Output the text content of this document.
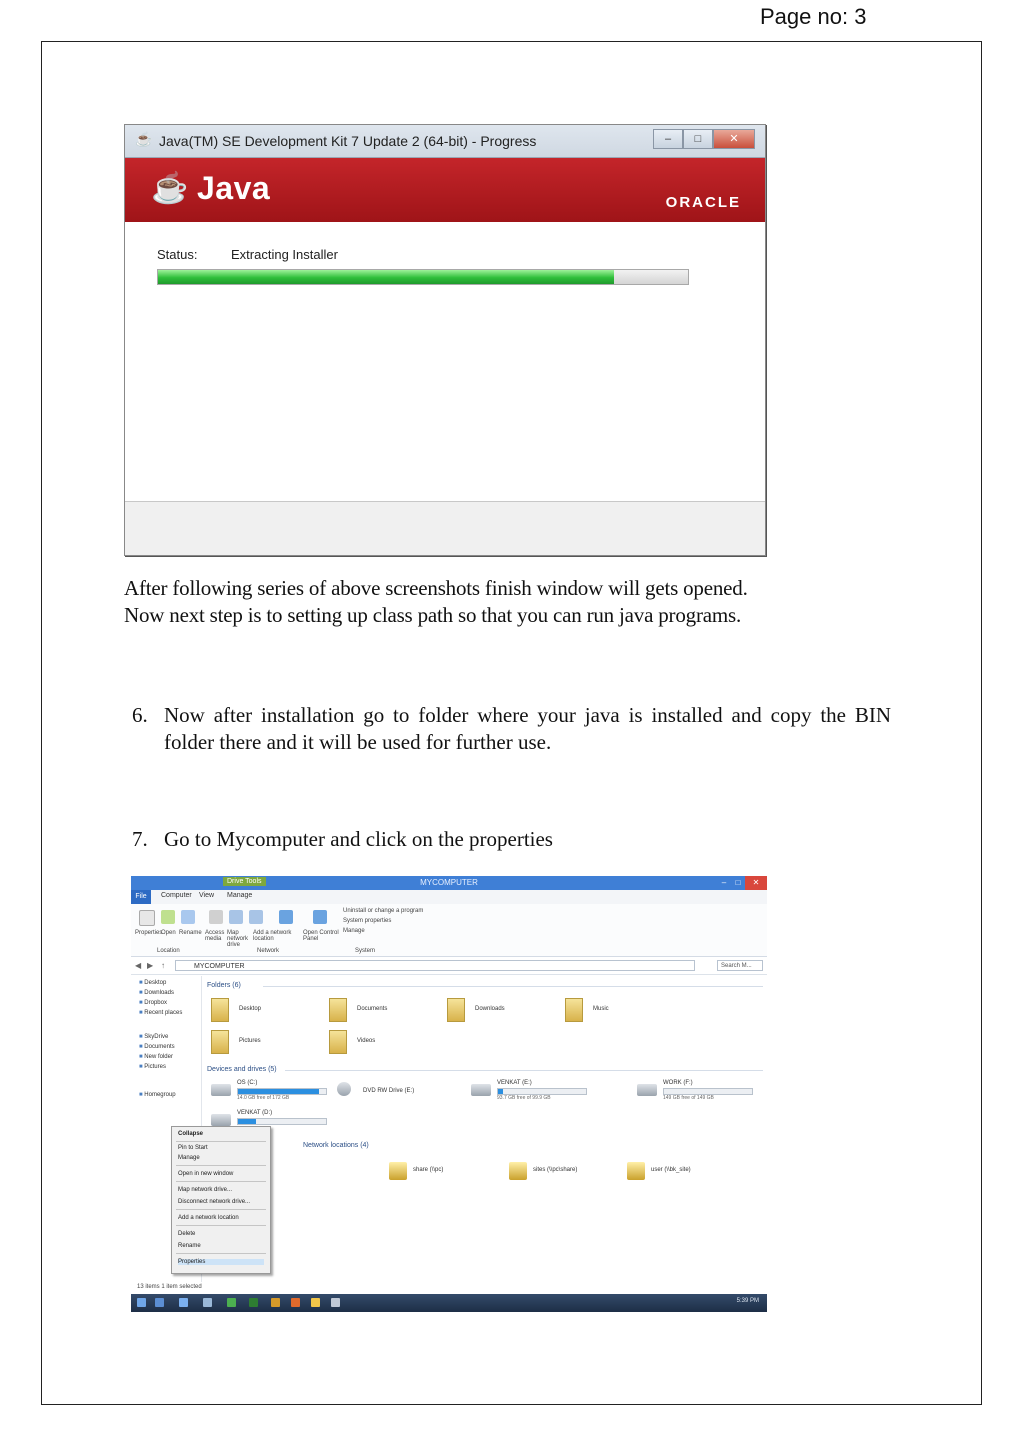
Page no: 3
☕ Java(TM) SE Development Kit 7 Update 2 (64-bit) - Progress	–	□	✕
☕ Java	ORACLE
Status:	Extracting Installer
After following series of above screenshots finish window will gets opened.
Now next step is to setting up class path so that you can run java programs.
6. Now after installation go to folder where your java is installed and copy the BIN folder there and it will be used for further use.
7. Go to Mycomputer and click on the properties
Drive Tools	MYCOMPUTER	–	□	✕
File	Computer View Manage
Properties
Open Rename Access media
Map network drive
Add a network location
Open Control Panel
Uninstall or change a program
System properties
Manage
Location	Network	System
◀ ▶ ↑	MYCOMPUTER	Search M...
■ Desktop
■ Downloads
■ Dropbox
■ Recent places
■ SkyDrive
■ Documents
■ New folder
■ Pictures
■ Homegroup
Folders (6)
Desktop	Documents	Downloads	Music
Pictures	Videos
Devices and drives (5)
OS (C:)
14.0 GB free of 172 GB
DVD RW Drive (E:)
VENKAT (E:)
93.7 GB free of 99.9 GB
WORK (F:)
149 GB free of 149 GB
VENKAT (D:)
Network locations (4)
share (\\pc)	sites (\\pc\share)	user (\\bk_site)
Collapse
Pin to Start
Manage
Open in new window
Map network drive...
Disconnect network drive...
Add a network location
Delete
Rename
Properties
13 items 1 item selected
5:39 PM
